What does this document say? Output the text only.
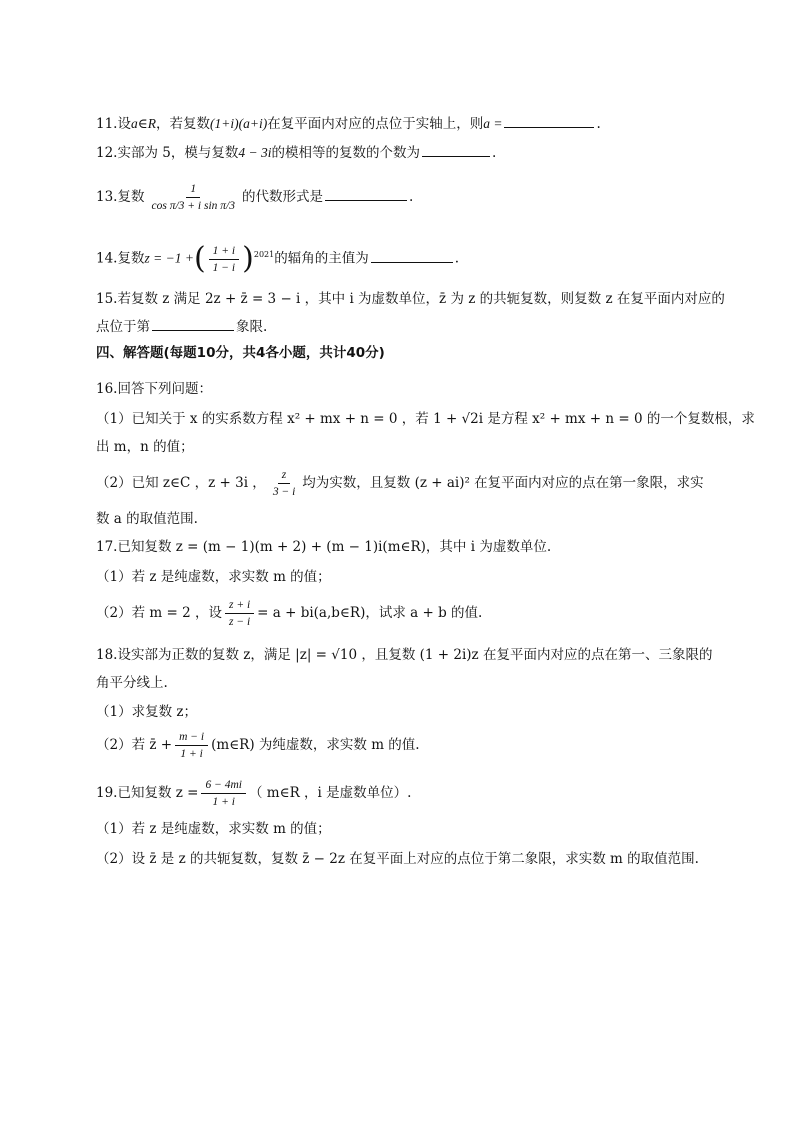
11.设a∈R，若复数(1+i)(a+i)在复平面内对应的点位于实轴上，则a =	.
12.实部为 5，模与复数4 − 3i的模相等的复数的个数为	.
13.复数 $\frac{1}{\text{cos π/3 + i sin π/3}}$ 的代数形式是	.
14.复数z = −1 +( $\frac{1 + i}{1 - i} )^{2021}$的辐角的主值为	.
15.若复数 z 满足 2z + z̄ = 3 − i ，其中 i 为虚数单位，z̄ 为 z 的共轭复数，则复数 z 在复平面内对应的
点位于第	象限.
四、解答题(每题10分，共4各小题，共计40分)
16.回答下列问题：
（1）已知关于 x 的实系数方程 x² + mx + n = 0 ，若 1 + √2i 是方程 x² + mx + n = 0 的一个复数根，求
出 m，n 的值；
（2）已知 z∈C ，z + 3i ， $\frac{z}{3 - i}$ 均为实数，且复数 (z + ai)² 在复平面内对应的点在第一象限，求实
数 a 的取值范围.
17.已知复数 z = (m − 1)(m + 2) + (m − 1)i(m∈R)，其中 i 为虚数单位.
（1）若 z 是纯虚数，求实数 m 的值；
（2）若 m = 2 ，设 $\frac{z + i}{z - i} = a$ + bi(a,b∈R)，试求 a + b 的值.
18.设实部为正数的复数 z，满足 |z| = √10 ，且复数 (1 + 2i)z 在复平面内对应的点在第一、三象限的
角平分线上.
（1）求复数 z；
（2）若 z̄ + $\frac{m - i}{1 + i}$ (m∈R) 为纯虚数，求实数 m 的值.
19.已知复数 $z = \frac{6 - 4mi}{1 + i}$ （ m∈R ，i 是虚数单位）.
（1）若 z 是纯虚数，求实数 m 的值；
（2）设 z̄ 是 z 的共轭复数，复数 z̄ − 2z 在复平面上对应的点位于第二象限，求实数 m 的取值范围.
